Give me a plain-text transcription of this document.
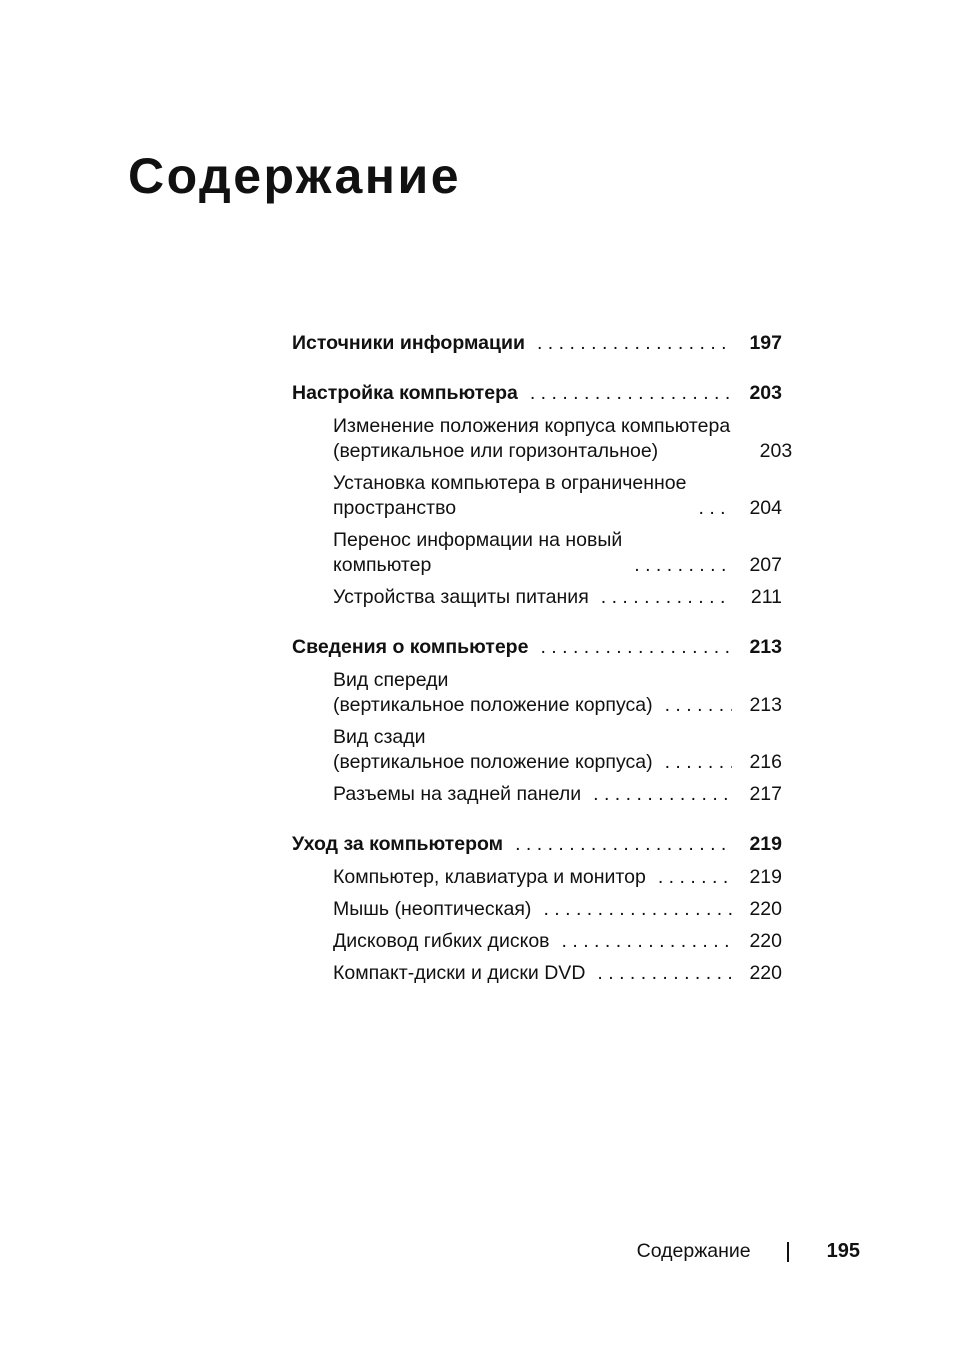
Содержание
Источники информации . . .	197
Настройка компьютера . . .	203
Изменение положения корпуса компьютера
(вертикальное или горизонтальное) . . .	203
Установка компьютера в ограниченное
пространство . . .	204
Перенос информации на новый
компьютер . . .	207
Устройства защиты питания . . .	211
Сведения о компьютере . . .	213
Вид спереди
(вертикальное положение корпуса) . . .	213
Вид сзади
(вертикальное положение корпуса) . . .	216
Разъемы на задней панели . . .	217
Уход за компьютером . . .	219
Компьютер, клавиатура и монитор . . .	219
Мышь (неоптическая) . . .	220
Дисковод гибких дисков . . .	220
Компакт-диски и диски DVD . . .	220
Содержание	195
